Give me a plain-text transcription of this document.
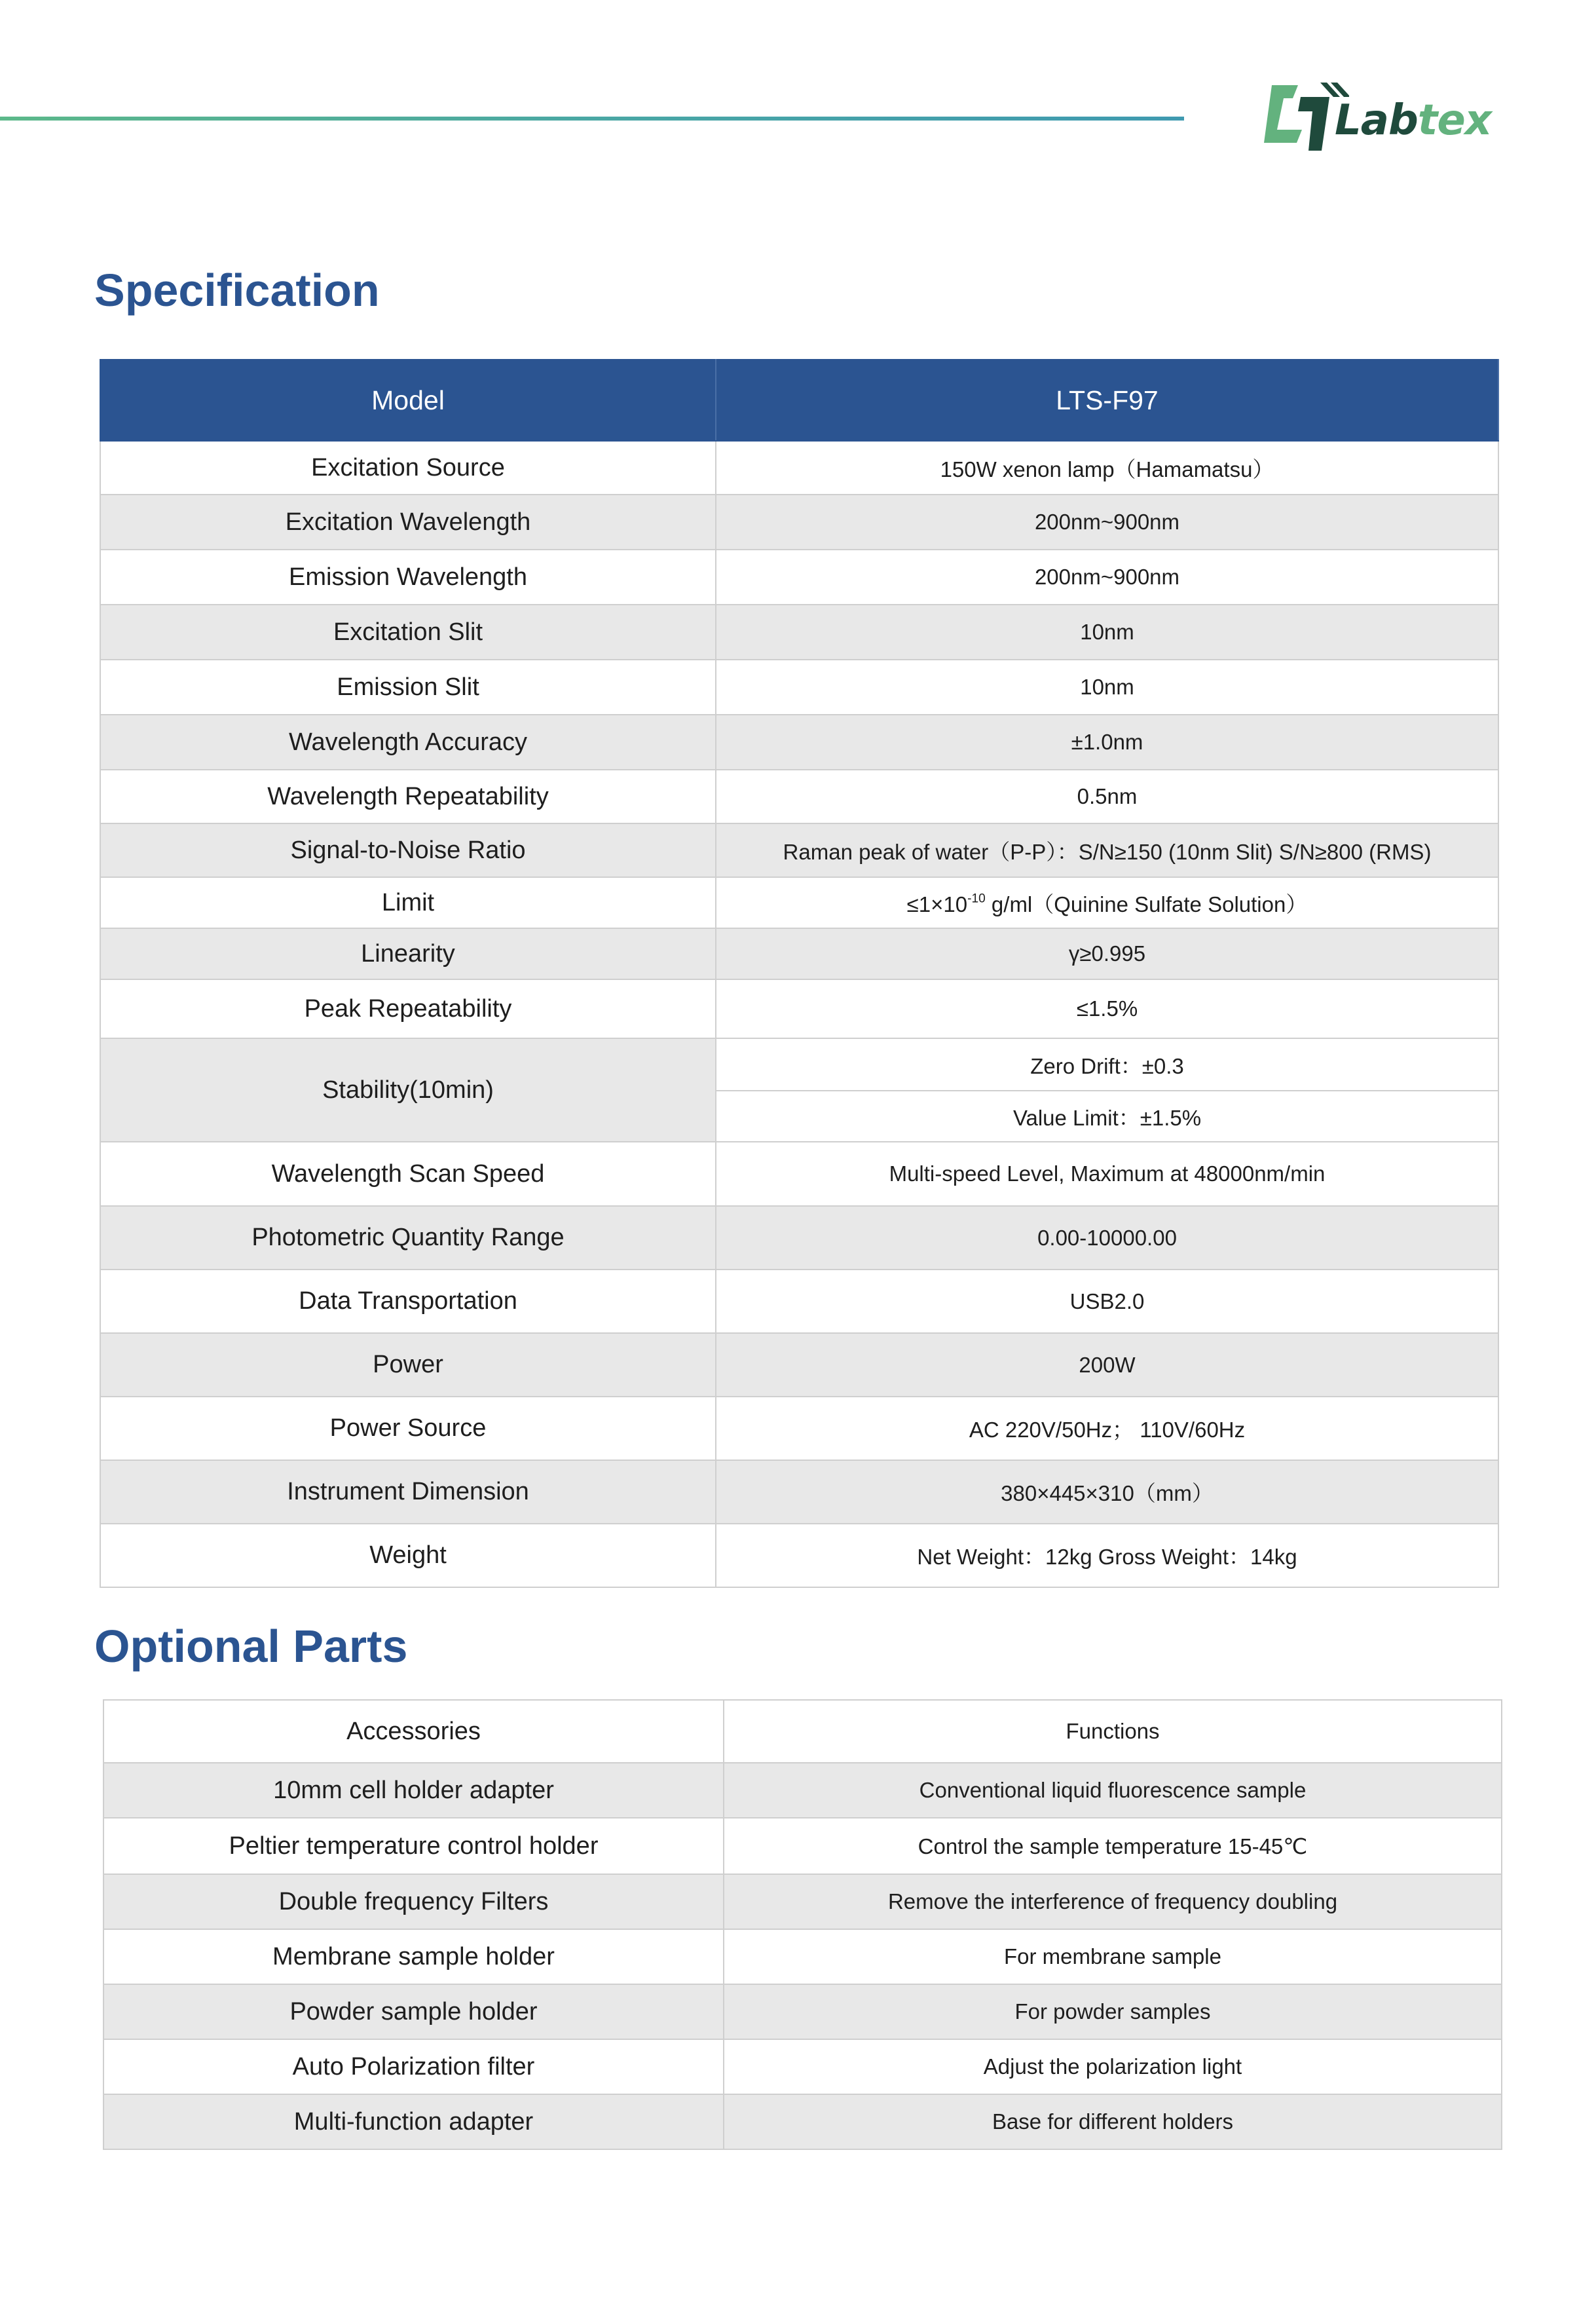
Labtex
Specification
Model	LTS-F97
Excitation Source	150W xenon lamp（Hamamatsu）
Excitation Wavelength	200nm~900nm
Emission Wavelength	200nm~900nm
Excitation Slit	10nm
Emission Slit	10nm
Wavelength Accuracy	±1.0nm
Wavelength Repeatability	0.5nm
Signal-to-Noise Ratio	Raman peak of water（P-P）：S/N≥150 (10nm Slit) S/N≥800 (RMS)
Limit	$\le 1\times 10^{-10}$ g/ml（Quinine Sulfate Solution）
Linearity	γ≥0.995
Peak Repeatability	≤1.5%
Stability(10min)	Zero Drift：±0.3
	Value Limit：±1.5%
Wavelength Scan Speed	Multi-speed Level, Maximum at 48000nm/min
Photometric Quantity Range	0.00-10000.00
Data Transportation	USB2.0
Power	200W
Power Source	AC 220V/50Hz； 110V/60Hz
Instrument Dimension	380×445×310（mm）
Weight	Net Weight：12kg Gross Weight：14kg
Optional Parts
Accessories	Functions
10mm cell holder adapter	Conventional liquid fluorescence sample
Peltier temperature control holder	Control the sample temperature 15-45℃
Double frequency Filters	Remove the interference of frequency doubling
Membrane sample holder	For membrane sample
Powder sample holder	For powder samples
Auto Polarization filter	Adjust the polarization light
Multi-function adapter	Base for different holders
